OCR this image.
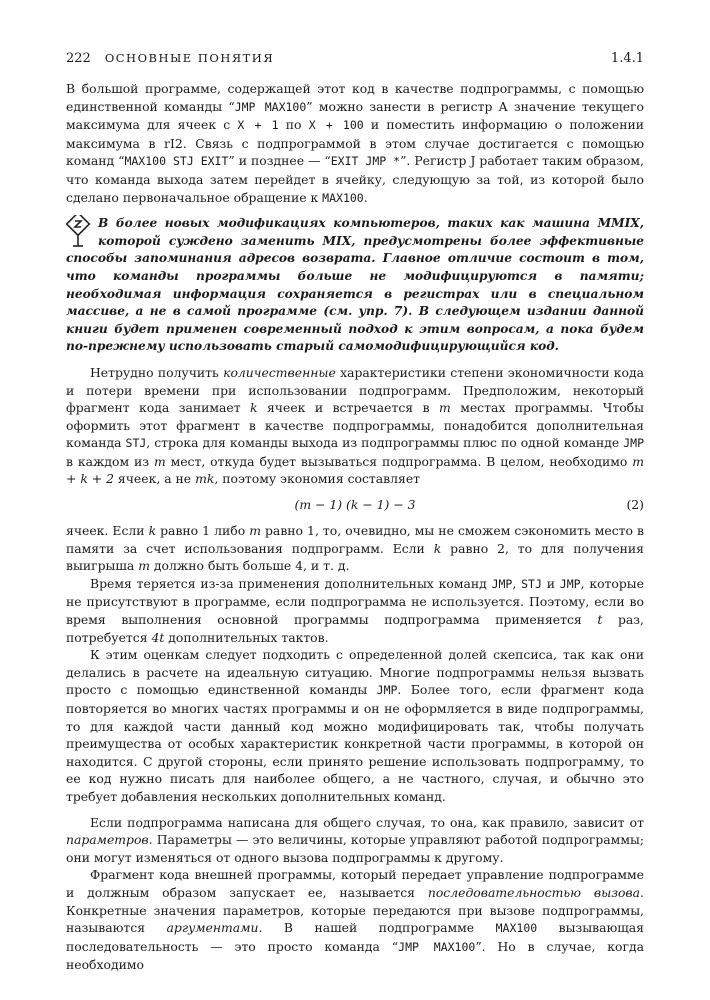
222 ОСНОВНЫЕ ПОНЯТИЯ	1.4.1

В большой программе, содержащей этот код в качестве подпрограммы, с помощью единственной команды “JMP MAX100” можно занести в регистр A значение текущего максимума для ячеек с X + 1 по X + 100 и поместить информацию о положении максимума в rI2. Связь с подпрограммой в этом случае достигается с помощью команд “MAX100 STJ EXIT” и позднее — “EXIT JMP *”. Регистр J работает таким образом, что команда выхода затем перейдет в ячейку, следующую за той, из которой было сделано первоначальное обращение к MAX100.

В более новых модификациях компьютеров, таких как машина MMIX, которой суждено заменить MIX, предусмотрены более эффективные способы запоминания адресов возврата. Главное отличие состоит в том, что команды программы больше не модифицируются в памяти; необходимая информация сохраняется в регистрах или в специальном массиве, а не в самой программе (см. упр. 7). В следующем издании данной книги будет применен современный подход к этим вопросам, а пока будем по-прежнему использовать старый самомодифицирующийся код.

Нетрудно получить количественные характеристики степени экономичности кода и потери времени при использовании подпрограмм. Предположим, некоторый фрагмент кода занимает k ячеек и встречается в m местах программы. Чтобы оформить этот фрагмент в качестве подпрограммы, понадобится дополнительная команда STJ, строка для команды выхода из подпрограммы плюс по одной команде JMP в каждом из m мест, откуда будет вызываться подпрограмма. В целом, необходимо m + k + 2 ячеек, а не mk, поэтому экономия составляет

(m − 1) (k − 1) − 3	(2)

ячеек. Если k равно 1 либо m равно 1, то, очевидно, мы не сможем сэкономить место в памяти за счет использования подпрограмм. Если k равно 2, то для получения выигрыша m должно быть больше 4, и т. д.

Время теряется из-за применения дополнительных команд JMP, STJ и JMP, которые не присутствуют в программе, если подпрограмма не используется. Поэтому, если во время выполнения основной программы подпрограмма применяется t раз, потребуется 4t дополнительных тактов.

К этим оценкам следует подходить с определенной долей скепсиса, так как они делались в расчете на идеальную ситуацию. Многие подпрограммы нельзя вызвать просто с помощью единственной команды JMP. Более того, если фрагмент кода повторяется во многих частях программы и он не оформляется в виде подпрограммы, то для каждой части данный код можно модифицировать так, чтобы получать преимущества от особых характеристик конкретной части программы, в которой он находится. С другой стороны, если принято решение использовать подпрограмму, то ее код нужно писать для наиболее общего, а не частного, случая, и обычно это требует добавления нескольких дополнительных команд.

Если подпрограмма написана для общего случая, то она, как правило, зависит от параметров. Параметры — это величины, которые управляют работой подпрограммы; они могут изменяться от одного вызова подпрограммы к другому.

Фрагмент кода внешней программы, который передает управление подпрограмме и должным образом запускает ее, называется последовательностью вызова. Конкретные значения параметров, которые передаются при вызове подпрограммы, называются аргументами. В нашей подпрограмме MAX100 вызывающая последовательность — это просто команда “JMP MAX100”. Но в случае, когда необходимо
